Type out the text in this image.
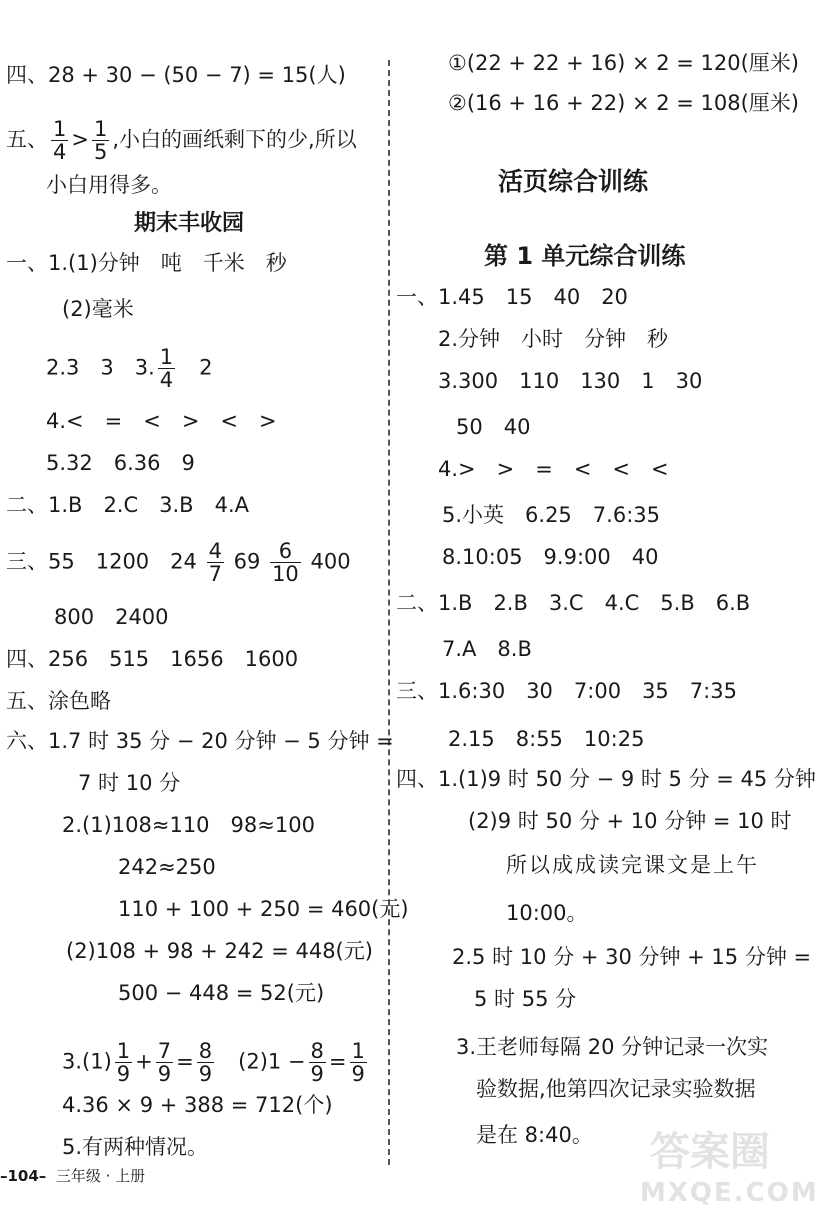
四、28 + 30 − (50 − 7) = 15(人)
五、 $\frac{1}{4} > \frac{1}{5}$ ,小白的画纸剩下的少,所以
小白用得多。
期末丰收园
一、1.(1)分钟　吨　千米　秒
(2)毫米
2.3　3　3. $\frac{1}{4}$ 　2
4.<　=　<　>　<　>
5.32　6.36　9
二、1.B　2.C　3.B　4.A
三、55　1200　$24 \frac{4}{7} 69 \frac{6}{10} 400$
800　2400
四、256　515　1656　1600
五、涂色略
六、1.7 时 35 分 − 20 分钟 − 5 分钟 =
7 时 10 分
2.(1)108≈110　98≈100
242≈250
110 + 100 + 250 = 460(元)
(2)108 + 98 + 242 = 448(元)
500 − 448 = 52(元)
$3.(1) \frac{1}{9} + \frac{7}{9} = \frac{8}{9}$
　 $(2)1 - \frac{8}{9} = \frac{1}{9}$
4.36 × 9 + 388 = 712(个)
5.有两种情况。
①(22 + 22 + 16) × 2 = 120(厘米)
②(16 + 16 + 22) × 2 = 108(厘米)
活页综合训练
第 1 单元综合训练
一、1.45　15　40　20
2.分钟　小时　分钟　秒
3.300　110　130　1　30
50　40
4.>　>　=　<　<　<
5.小英　6.25　7.6:35
8.10:05　9.9:00　40
二、1.B　2.B　3.C　4.C　5.B　6.B
7.A　8.B
三、1.6:30　30　7:00　35　7:35
2.15　8:55　10:25
四、1.(1)9 时 50 分 − 9 时 5 分 = 45 分钟
(2)9 时 50 分 + 10 分钟 = 10 时
所以成成读完课文是上午
10:00。
2.5 时 10 分 + 30 分钟 + 15 分钟 =
5 时 55 分
3.王老师每隔 20 分钟记录一次实
验数据,他第四次记录实验数据
是在 8:40。
–104– 三年级 · 上册
答案圈
MXQE.COM
